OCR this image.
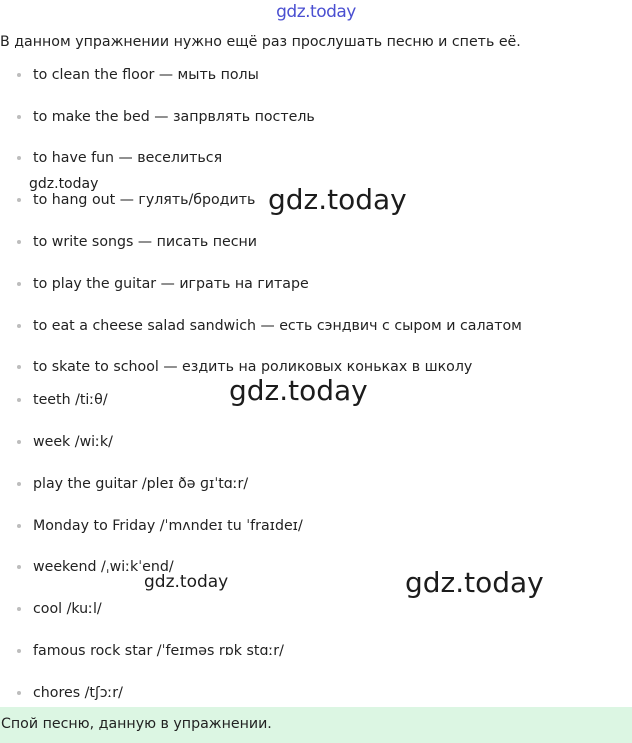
gdz.today
В данном упражнении нужно ещё раз прослушать песню и спеть её.
to clean the floor — мыть полы
to make the bed — запрвлять постель
to have fun — веселиться
to hang out — гулять/бродить
to write songs — писать песни
to play the guitar — играть на гитаре
to eat a cheese salad sandwich — есть сэндвич с сыром и салатом
to skate to school — ездить на роликовых коньках в школу
teeth /tiːθ/
week /wiːk/
play the guitar /pleɪ ðə ɡɪˈtɑːr/
Monday to Friday /ˈmʌndeɪ tu ˈfraɪdeɪ/
weekend /ˌwiːkˈend/
cool /kuːl/
famous rock star /ˈfeɪməs rɒk stɑːr/
chores /tʃɔːr/
Спой песню, данную в упражнении.
gdz.today	gdz.today
gdz.today
gdz.today	gdz.today
